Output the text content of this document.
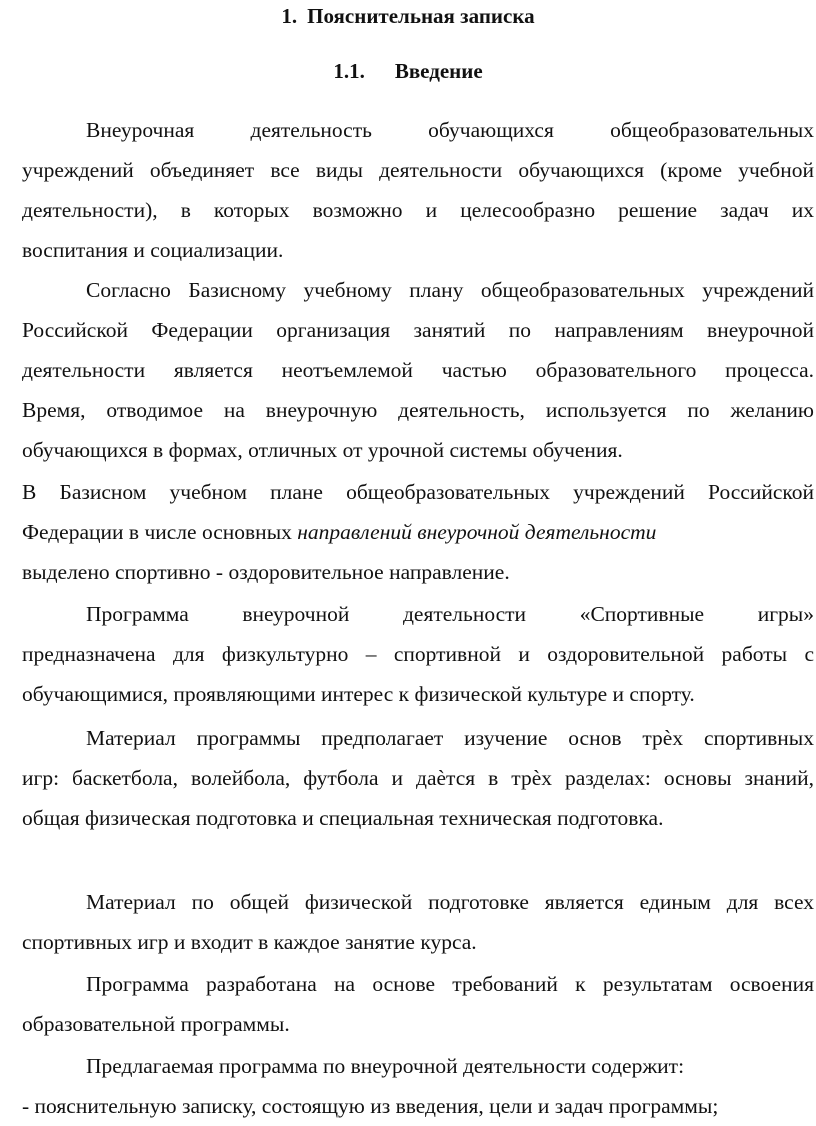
1. Пояснительная записка
1.1. Введение
Внеурочная деятельность обучающихся общеобразовательных
учреждений объединяет все виды деятельности обучающихся (кроме учебной
деятельности), в которых возможно и целесообразно решение задач их
воспитания и социализации.
Согласно Базисному учебному плану общеобразовательных учреждений
Российской Федерации организация занятий по направлениям внеурочной
деятельности является неотъемлемой частью образовательного процесса.
Время, отводимое на внеурочную деятельность, используется по желанию
обучающихся в формах, отличных от урочной системы обучения.
В Базисном учебном плане общеобразовательных учреждений Российской
Федерации в числе основных направлений внеурочной деятельности
выделено спортивно - оздоровительное направление.
Программа внеурочной деятельности «Спортивные игры»
предназначена для физкультурно – спортивной и оздоровительной работы с
обучающимися, проявляющими интерес к физической культуре и спорту.
Материал программы предполагает изучение основ трѐх спортивных
игр: баскетбола, волейбола, футбола и даѐтся в трѐх разделах: основы знаний,
общая физическая подготовка и специальная техническая подготовка.
Материал по общей физической подготовке является единым для всех
спортивных игр и входит в каждое занятие курса.
Программа разработана на основе требований к результатам освоения
образовательной программы.
Предлагаемая программа по внеурочной деятельности содержит:
- пояснительную записку, состоящую из введения, цели и задач программы;
